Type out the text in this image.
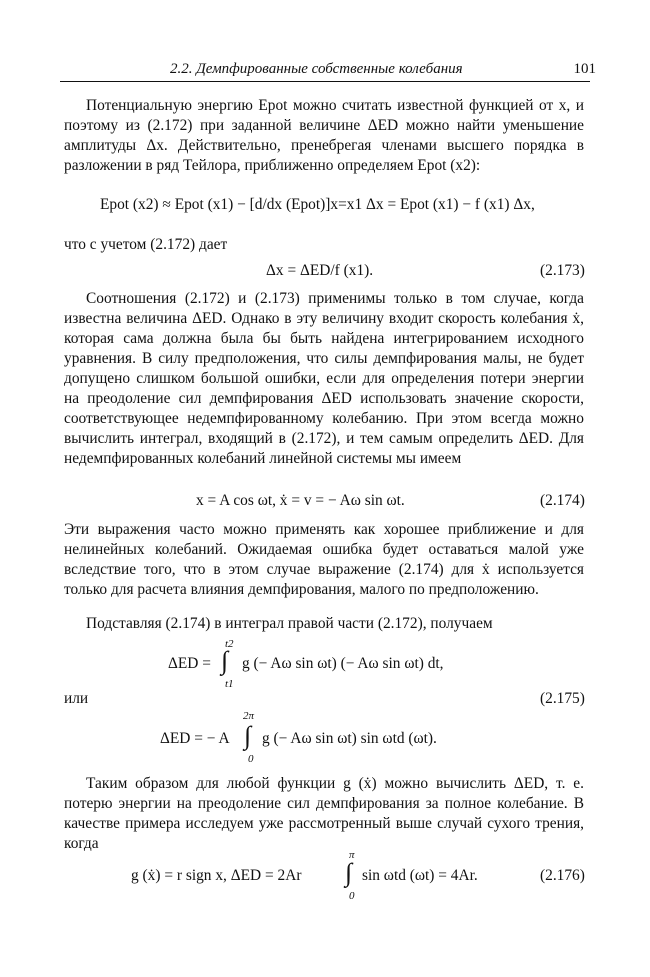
2.2. Демпфированные собственные колебания	101

Потенциальную энергию Epot можно считать известной функцией от x, и поэтому из (2.172) при заданной величине ΔED можно найти уменьшение амплитуды Δx. Действительно, пренебрегая членами высшего порядка в разложении в ряд Тейлора, приближенно определяем Epot (x2):

Epot (x2) ≈ Epot (x1) − [d/dx (Epot)]x=x1 Δx = Epot (x1) − f (x1) Δx,
что с учетом (2.172) дает
Δx = ΔED/f (x1).	(2.173)

Соотношения (2.172) и (2.173) применимы только в том случае, когда известна величина ΔED. Однако в эту величину входит скорость колебания ẋ, которая сама должна была бы быть найдена интегрированием исходного уравнения. В силу предположения, что силы демпфирования малы, не будет допущено слишком большой ошибки, если для определения потери энергии на преодоление сил демпфирования ΔED использовать значение скорости, соответствующее недемпфированному колебанию. При этом всегда можно вычислить интеграл, входящий в (2.172), и тем самым определить ΔED. Для недемпфированных колебаний линейной системы мы имеем

x = A cos ωt, ẋ = v = − Aω sin ωt.	(2.174)

Эти выражения часто можно применять как хорошее приближение и для нелинейных колебаний. Ожидаемая ошибка будет оставаться малой уже вследствие того, что в этом случае выражение (2.174) для ẋ используется только для расчета влияния демпфирования, малого по предположению.

Подставляя (2.174) в интеграл правой части (2.172), получаем

ΔED =
t2
∫
t1
g (− Aω sin ωt) (− Aω sin ωt) dt,
или	(2.175)
ΔED = − A
2π
∫
0
g (− Aω sin ωt) sin ωtd (ωt).

Таким образом для любой функции g (ẋ) можно вычислить ΔED, т. е. потерю энергии на преодоление сил демпфирования за полное колебание. В качестве примера исследуем уже рассмотренный выше случай сухого трения, когда

g (ẋ) = r sign x, ΔED = 2Ar
π
∫
0
sin ωtd (ωt) = 4Ar.	(2.176)
